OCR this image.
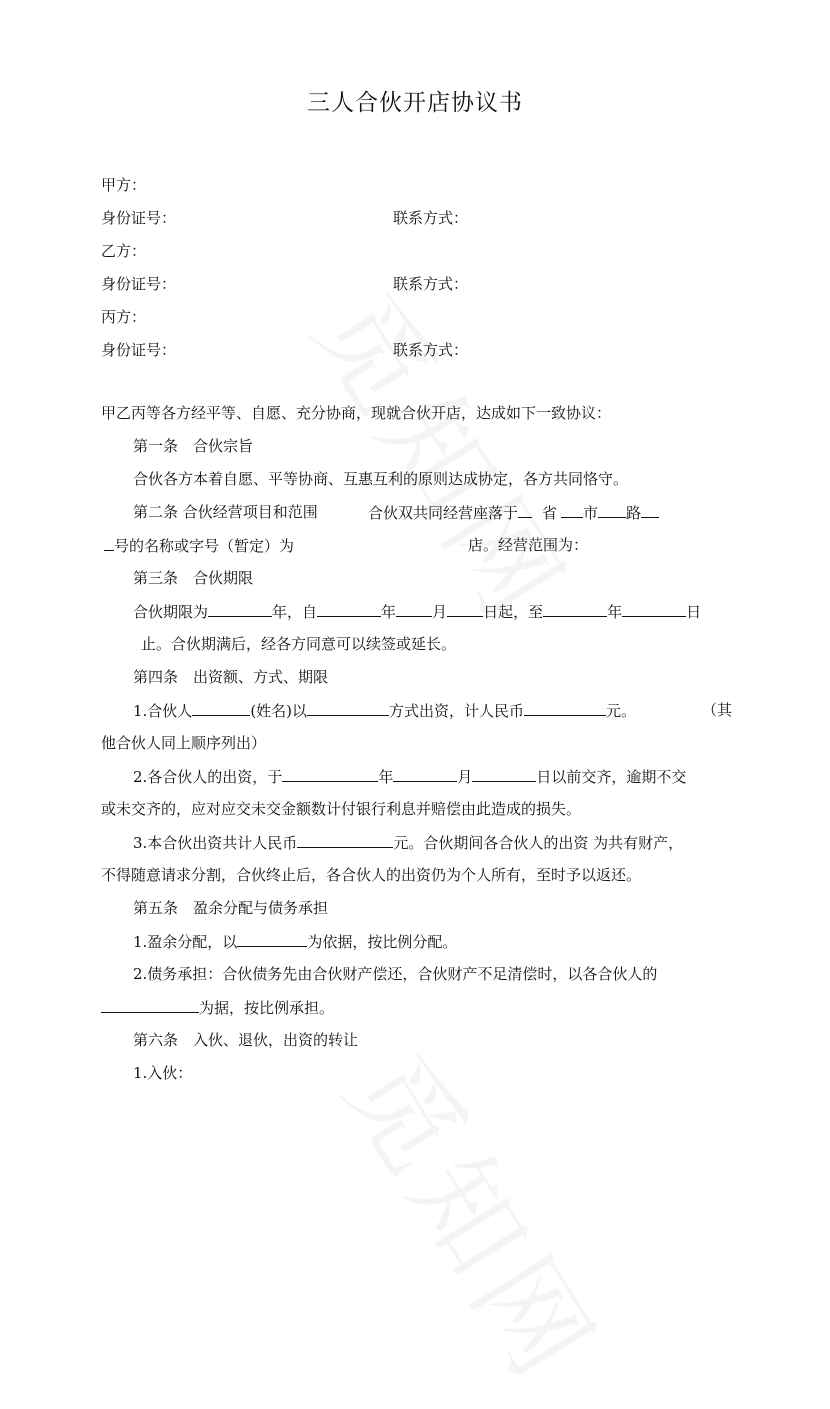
三人合伙开店协议书
甲方：
身份证号：	联系方式：
乙方：
身份证号：	联系方式：
丙方：
身份证号：	联系方式：
甲乙丙等各方经平等、自愿、充分协商，现就合伙开店，达成如下一致协议：
第一条　合伙宗旨
合伙各方本着自愿、平等协商、互惠互利的原则达成协定，各方共同恪守。
第二条 合伙经营项目和范围	合伙双共同经营座落于 省 市 路
号的名称或字号（暂定）为	店。经营范围为：
第三条　合伙期限
合伙期限为	年，自	年 月 日起，至	年	日
止。合伙期满后，经各方同意可以续签或延长。
第四条　出资额、方式、期限
1.合伙人	(姓名)以	方式出资，计人民币	元。	（其
他合伙人同上顺序列出）
2.各合伙人的出资，于	年	月	日以前交齐，逾期不交
或未交齐的，应对应交未交金额数计付银行利息并赔偿由此造成的损失。
3.本合伙出资共计人民币	元。合伙期间各合伙人的出资 为共有财产，
不得随意请求分割，合伙终止后，各合伙人的出资仍为个人所有，至时予以返还。
第五条　盈余分配与债务承担
1.盈余分配，以	为依据，按比例分配。
2.债务承担：合伙债务先由合伙财产偿还，合伙财产不足清偿时，以各合伙人的
为据，按比例承担。
第六条　入伙、退伙，出资的转让
1.入伙：
